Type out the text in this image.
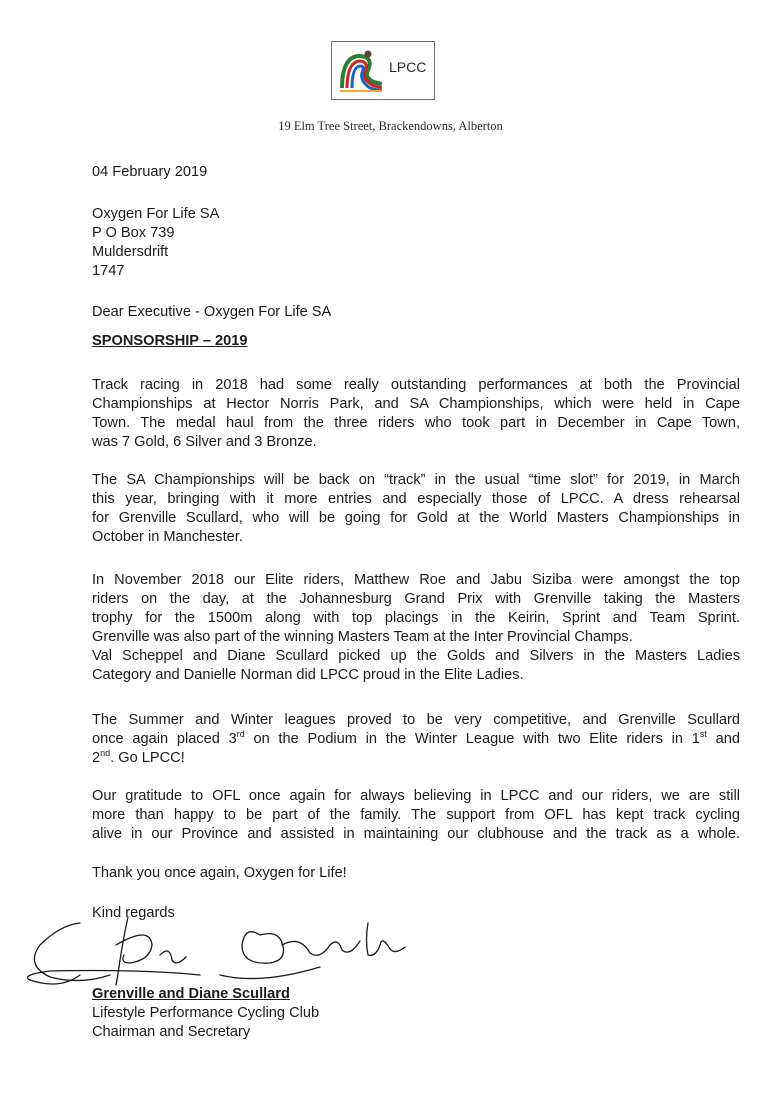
LPCC
19 Elm Tree Street, Brackendowns, Alberton
04 February 2019
Oxygen For Life SA
P O Box 739
Muldersdrift
1747
Dear Executive - Oxygen For Life SA
SPONSORSHIP – 2019
Track racing in 2018 had some really outstanding performances at both the Provincial
Championships at Hector Norris Park, and SA Championships, which were held in Cape
Town. The medal haul from the three riders who took part in December in Cape Town,
was 7 Gold, 6 Silver and 3 Bronze.
The SA Championships will be back on “track” in the usual “time slot” for 2019, in March
this year, bringing with it more entries and especially those of LPCC. A dress rehearsal
for Grenville Scullard, who will be going for Gold at the World Masters Championships in
October in Manchester.
In November 2018 our Elite riders, Matthew Roe and Jabu Siziba were amongst the top
riders on the day, at the Johannesburg Grand Prix with Grenville taking the Masters
trophy for the 1500m along with top placings in the Keirin, Sprint and Team Sprint.
Grenville was also part of the winning Masters Team at the Inter Provincial Champs.
Val Scheppel and Diane Scullard picked up the Golds and Silvers in the Masters Ladies
Category and Danielle Norman did LPCC proud in the Elite Ladies.
The Summer and Winter leagues proved to be very competitive, and Grenville Scullard
once again placed 3rd on the Podium in the Winter League with two Elite riders in 1st and
2nd. Go LPCC!
Our gratitude to OFL once again for always believing in LPCC and our riders, we are still
more than happy to be part of the family. The support from OFL has kept track cycling
alive in our Province and assisted in maintaining our clubhouse and the track as a whole.
Thank you once again, Oxygen for Life!
Kind regards
Grenville and Diane Scullard
Lifestyle Performance Cycling Club
Chairman and Secretary
